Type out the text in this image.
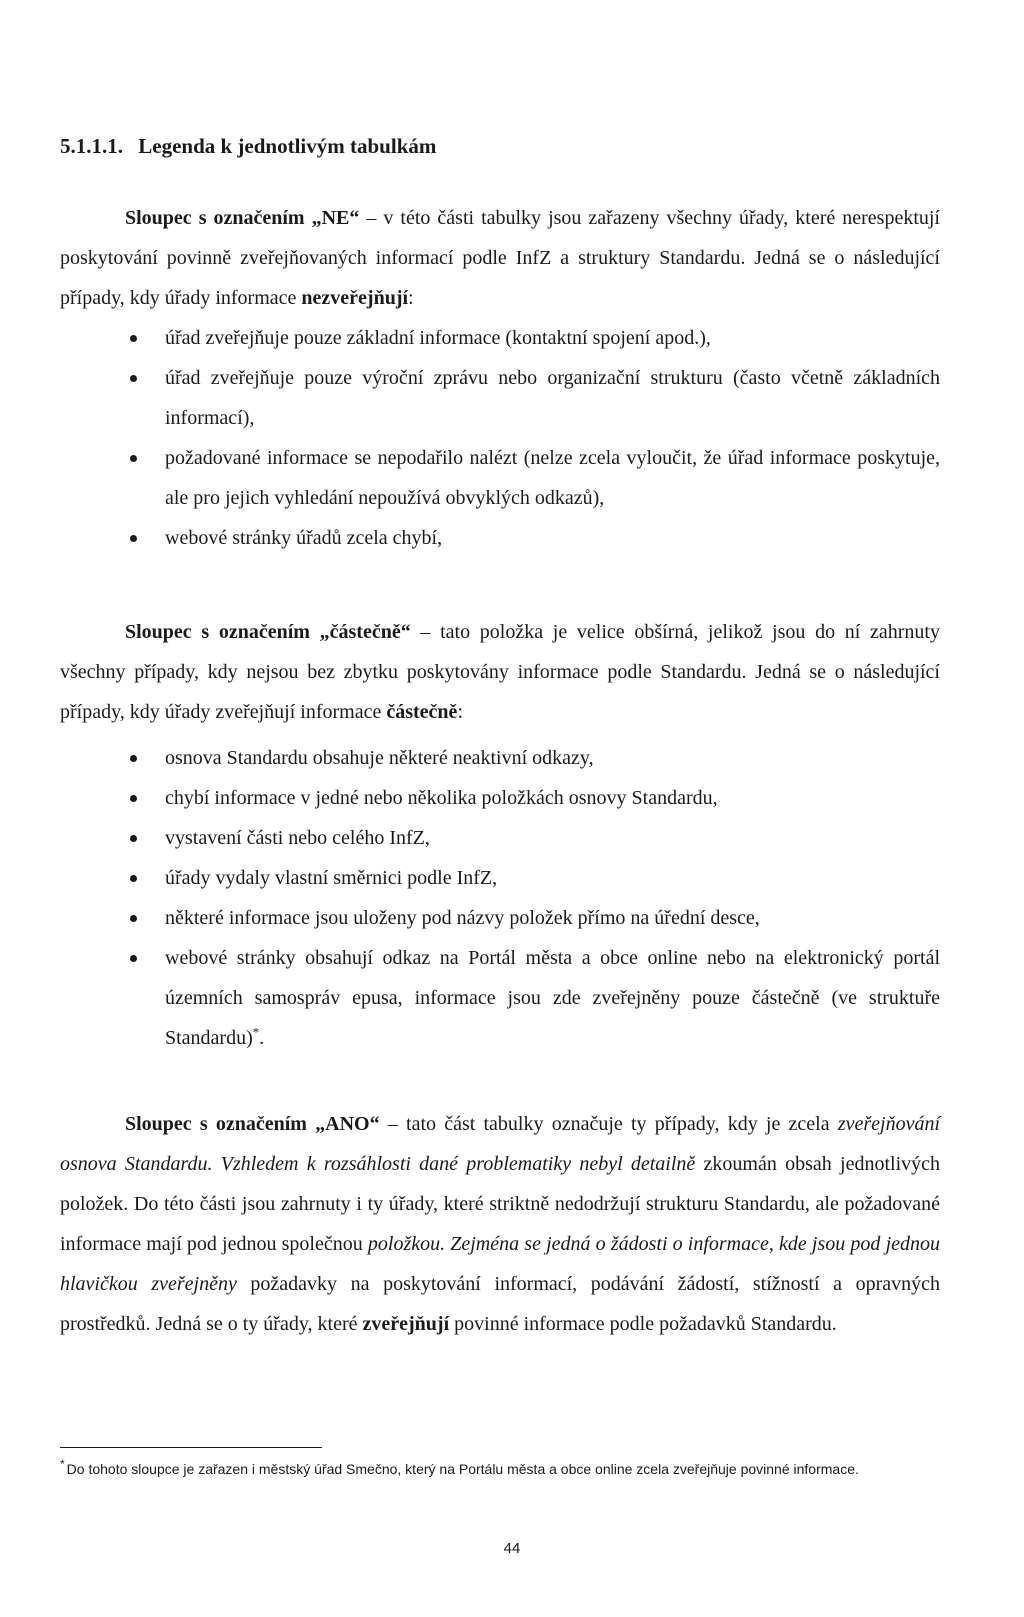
5.1.1.1. Legenda k jednotlivým tabulkám
Sloupec s označením „NE“ – v této části tabulky jsou zařazeny všechny úřady, které nerespektují poskytování povinně zveřejňovaných informací podle InfZ a struktury Standardu. Jedná se o následující případy, kdy úřady informace nezveřejňují:
úřad zveřejňuje pouze základní informace (kontaktní spojení apod.),
úřad zveřejňuje pouze výroční zprávu nebo organizační strukturu (často včetně základních informací),
požadované informace se nepodařilo nalézt (nelze zcela vyloučit, že úřad informace poskytuje, ale pro jejich vyhledání nepoužívá obvyklých odkazů),
webové stránky úřadů zcela chybí,
Sloupec s označením „částečně“ – tato položka je velice obšírná, jelikož jsou do ní zahrnuty všechny případy, kdy nejsou bez zbytku poskytovány informace podle Standardu. Jedná se o následující případy, kdy úřady zveřejňují informace částečně:
osnova Standardu obsahuje některé neaktivní odkazy,
chybí informace v jedné nebo několika položkách osnovy Standardu,
vystavení části nebo celého InfZ,
úřady vydaly vlastní směrnici podle InfZ,
některé informace jsou uloženy pod názvy položek přímo na úřední desce,
webové stránky obsahují odkaz na Portál města a obce online nebo na elektronický portál územních samospráv epusa, informace jsou zde zveřejněny pouze částečně (ve struktuře Standardu)*.
Sloupec s označením „ANO“ – tato část tabulky označuje ty případy, kdy je zcela zveřejňování osnova Standardu. Vzhledem k rozsáhlosti dané problematiky nebyl detailně zkoumán obsah jednotlivých položek. Do této části jsou zahrnuty i ty úřady, které striktně nedodržují strukturu Standardu, ale požadované informace mají pod jednou společnou položkou. Zejména se jedná o žádosti o informace, kde jsou pod jednou hlavičkou zveřejněny požadavky na poskytování informací, podávání žádostí, stížností a opravných prostředků. Jedná se o ty úřady, které zveřejňují povinné informace podle požadavků Standardu.
* Do tohoto sloupce je zařazen i městský úřad Smečno, který na Portálu města a obce online zcela zveřejňuje povinné informace.
44
